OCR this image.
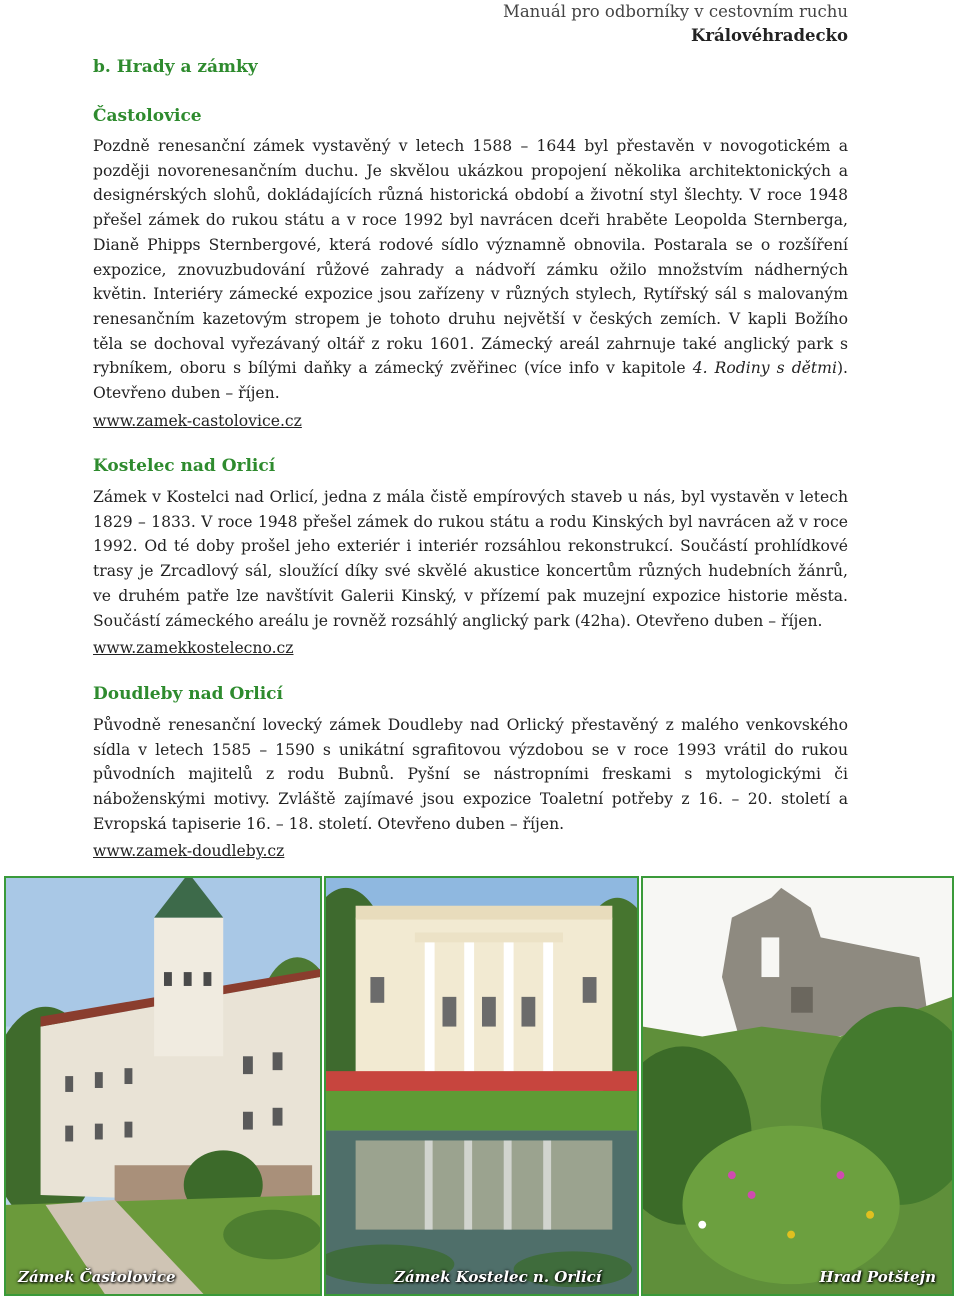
Manuál pro odborníky v cestovním ruchu
Královéhradecko
b. Hrady a zámky
Častolovice
Pozdně renesanční zámek vystavěný v letech 1588 – 1644 byl přestavěn v novogotickém a později novorenesančním duchu. Je skvělou ukázkou propojení několika architektonických a designérských slohů, dokládajících různá historická období a životní styl šlechty. V roce 1948 přešel zámek do rukou státu a v roce 1992 byl navrácen dceři hraběte Leopolda Sternberga, Dianě Phipps Sternbergové, která rodové sídlo významně obnovila. Postarala se o rozšíření expozice, znovuzbudování růžové zahrady a nádvoří zámku ožilo množstvím nádherných květin. Interiéry zámecké expozice jsou zařízeny v různých stylech, Rytířský sál s malovaným renesančním kazetovým stropem je tohoto druhu největší v českých zemích. V kapli Božího těla se dochoval vyřezávaný oltář z roku 1601. Zámecký areál zahrnuje také anglický park s rybníkem, oboru s bílými daňky a zámecký zvěřinec (více info v kapitole 4. Rodiny s dětmi). Otevřeno duben – říjen.
www.zamek-castolovice.cz
Kostelec nad Orlicí
Zámek v Kostelci nad Orlicí, jedna z mála čistě empírových staveb u nás, byl vystavěn v letech 1829 – 1833. V roce 1948 přešel zámek do rukou státu a rodu Kinských byl navrácen až v roce 1992. Od té doby prošel jeho exteriér i interiér rozsáhlou rekonstrukcí. Součástí prohlídkové trasy je Zrcadlový sál, sloužící díky své skvělé akustice koncertům různých hudebních žánrů, ve druhém patře lze navštívit Galerii Kinský, v přízemí pak muzejní expozice historie města. Součástí zámeckého areálu je rovněž rozsáhlý anglický park (42ha). Otevřeno duben – říjen.
www.zamekkostelecno.cz
Doudleby nad Orlicí
Původně renesanční lovecký zámek Doudleby nad Orlický přestavěný z malého venkovského sídla v letech 1585 – 1590 s unikátní sgrafitovou výzdobou se v roce 1993 vrátil do rukou původních majitelů z rodu Bubnů. Pyšní se nástropními freskami s mytologickými či náboženskými motivy. Zvláště zajímavé jsou expozice Toaletní potřeby z 16. – 20. století a Evropská tapiserie 16. – 18. století. Otevřeno duben – říjen.
www.zamek-doudleby.cz
Zámek Častolovice	Zámek Kostelec n. Orlicí	Hrad Potštejn
